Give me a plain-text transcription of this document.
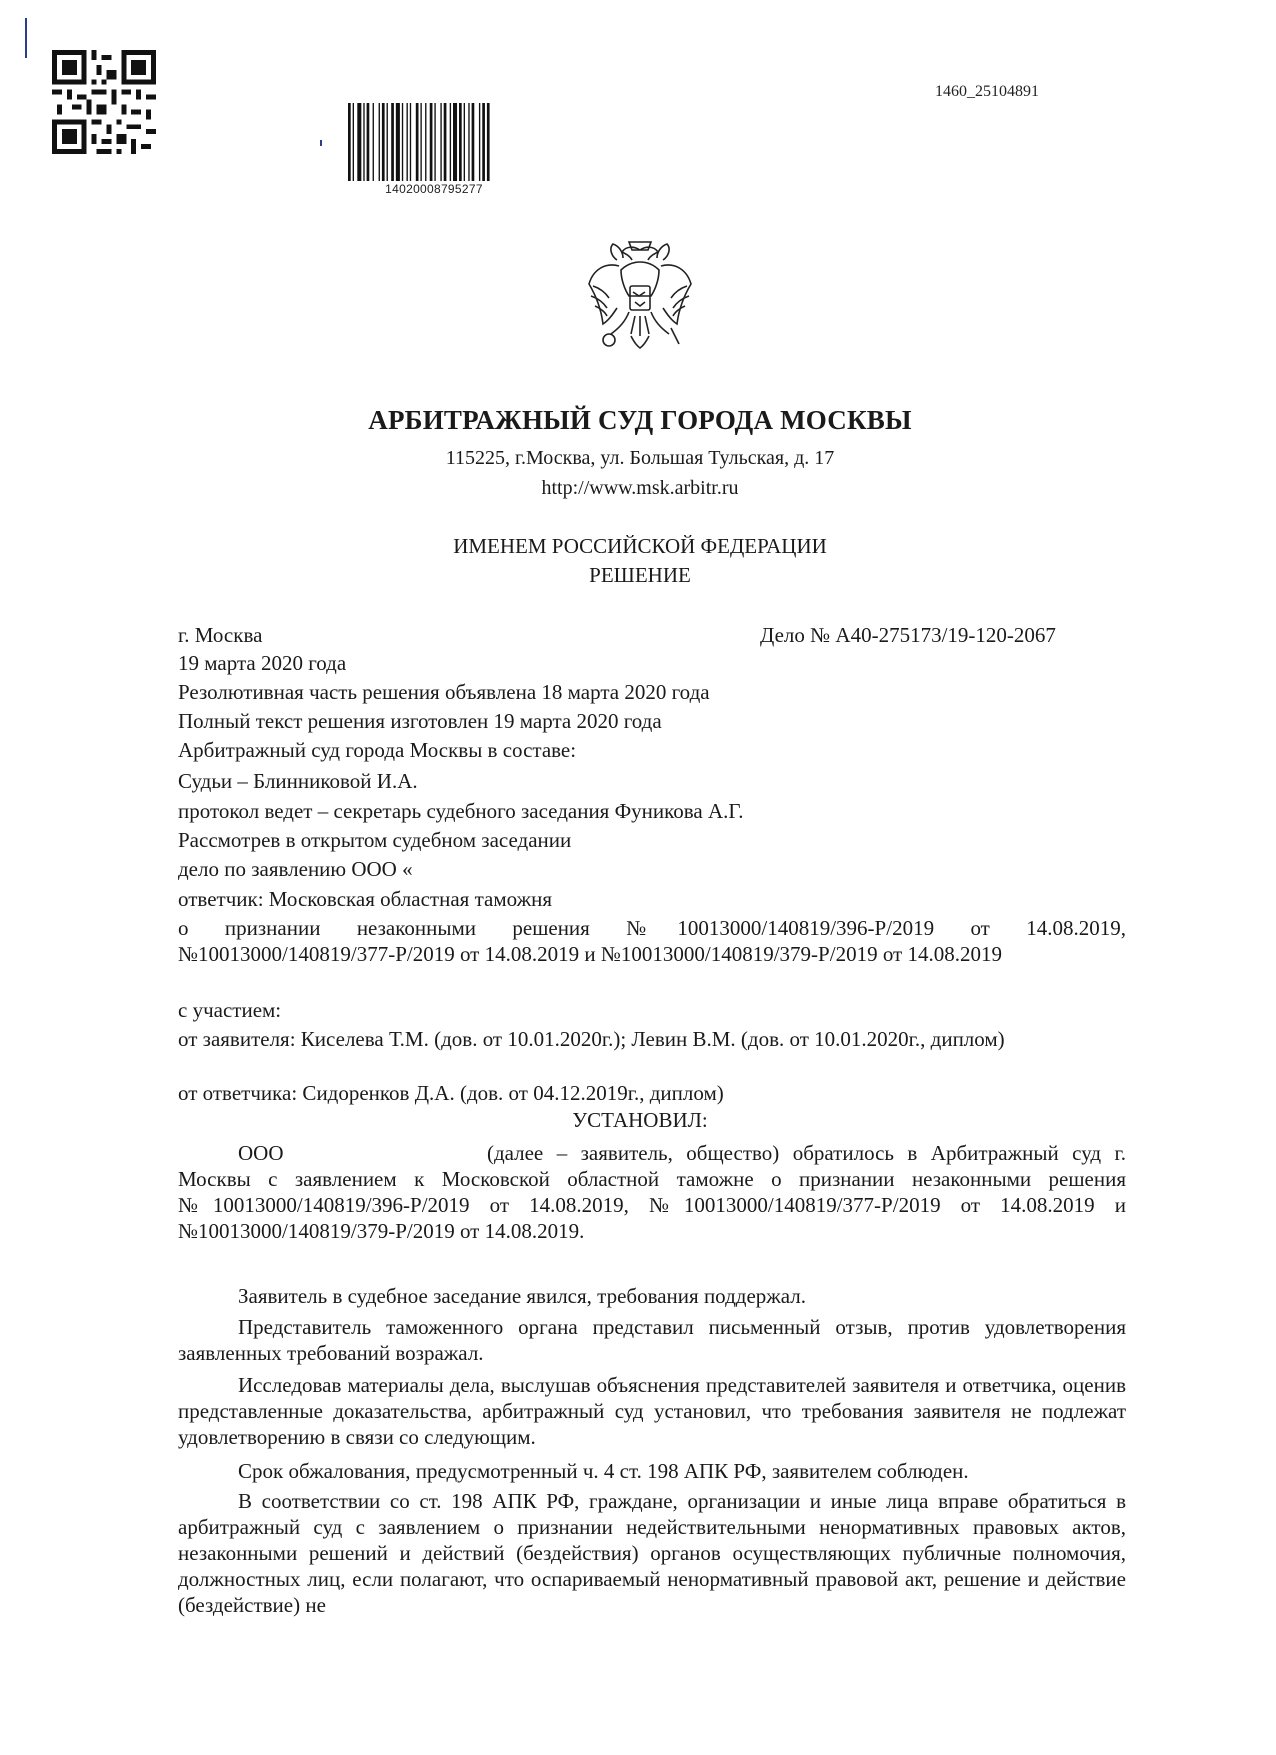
14020008795277
1460_25104891
АРБИТРАЖНЫЙ СУД ГОРОДА МОСКВЫ
115225, г.Москва, ул. Большая Тульская, д. 17
http://www.msk.arbitr.ru
ИМЕНЕМ РОССИЙСКОЙ ФЕДЕРАЦИИ
РЕШЕНИЕ
г. Москва	Дело № А40-275173/19-120-2067
19 марта 2020 года
Резолютивная часть решения объявлена 18 марта 2020 года
Полный текст решения изготовлен 19 марта 2020 года
Арбитражный суд города Москвы в составе:
Судьи – Блинниковой И.А.
протокол ведет – секретарь судебного заседания Фуникова А.Г.
Рассмотрев в открытом судебном заседании
дело по заявлению ООО «
ответчик: Московская областная таможня
о признании незаконными решения №10013000/140819/396-Р/2019 от 14.08.2019, №10013000/140819/377-Р/2019 от 14.08.2019 и №10013000/140819/379-Р/2019 от 14.08.2019
с участием:
от заявителя: Киселева Т.М. (дов. от 10.01.2020г.); Левин В.М. (дов. от 10.01.2020г., диплом)
от ответчика: Сидоренков Д.А. (дов. от 04.12.2019г., диплом)
УСТАНОВИЛ:
ООО	(далее – заявитель, общество) обратилось в Арбитражный суд г. Москвы с заявлением к Московской областной таможне о признании незаконными решения №10013000/140819/396-Р/2019 от 14.08.2019, №10013000/140819/377-Р/2019 от 14.08.2019 и №10013000/140819/379-Р/2019 от 14.08.2019.
Заявитель в судебное заседание явился, требования поддержал.
Представитель таможенного органа представил письменный отзыв, против удовлетворения заявленных требований возражал.
Исследовав материалы дела, выслушав объяснения представителей заявителя и ответчика, оценив представленные доказательства, арбитражный суд установил, что требования заявителя не подлежат удовлетворению в связи со следующим.
Срок обжалования, предусмотренный ч. 4 ст. 198 АПК РФ, заявителем соблюден.
В соответствии со ст. 198 АПК РФ, граждане, организации и иные лица вправе обратиться в арбитражный суд с заявлением о признании недействительными ненормативных правовых актов, незаконными решений и действий (бездействия) органов осуществляющих публичные полномочия, должностных лиц, если полагают, что оспариваемый ненормативный правовой акт, решение и действие (бездействие) не
